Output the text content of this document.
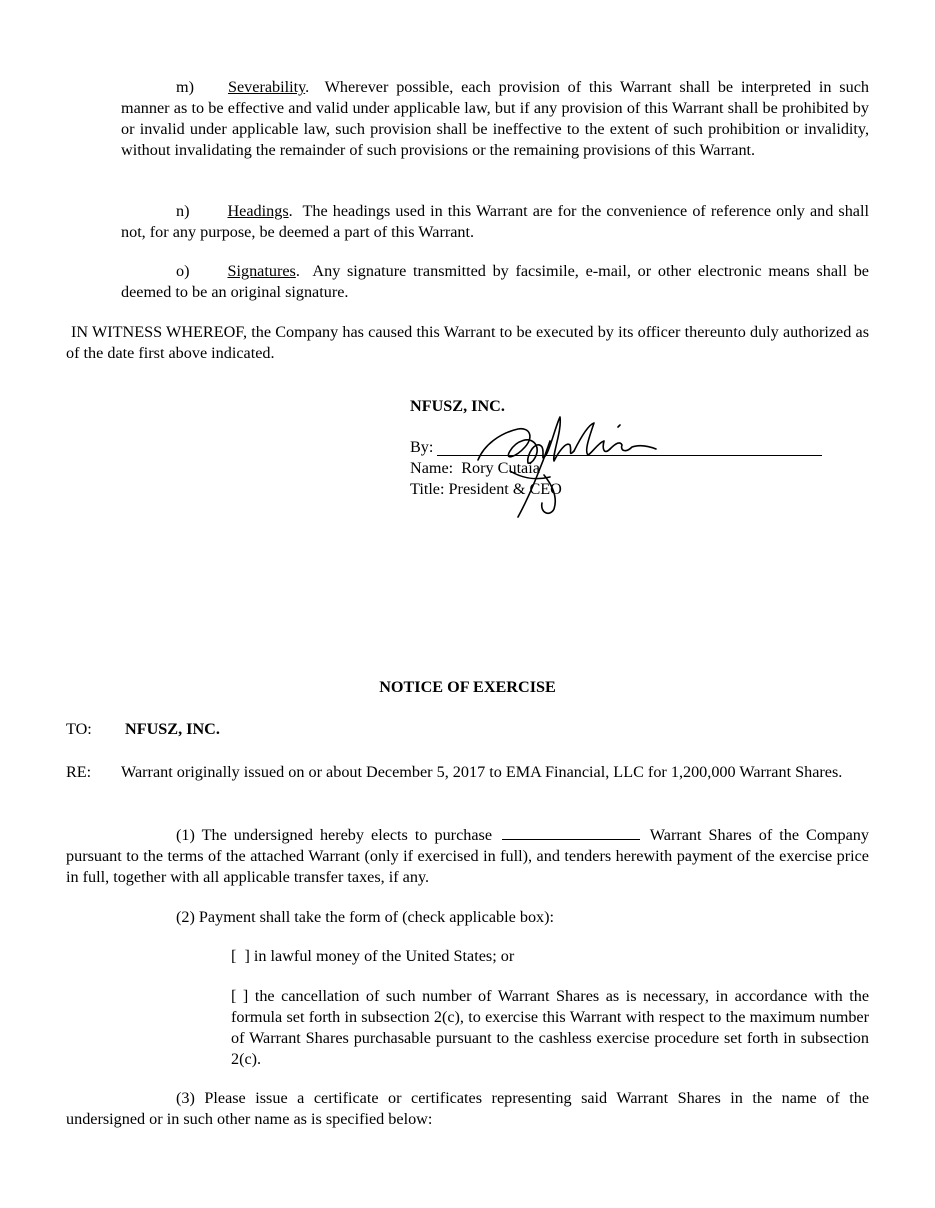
m) Severability.  Wherever possible, each provision of this Warrant shall be interpreted in such manner as to be effective and valid under applicable law, but if any provision of this Warrant shall be prohibited by or invalid under applicable law, such provision shall be ineffective to the extent of such prohibition or invalidity, without invalidating the remainder of such provisions or the remaining provisions of this Warrant.
n) Headings.  The headings used in this Warrant are for the convenience of reference only and shall not, for any purpose, be deemed a part of this Warrant.
o) Signatures.  Any signature transmitted by facsimile, e-mail, or other electronic means shall be deemed to be an original signature.
IN WITNESS WHEREOF, the Company has caused this Warrant to be executed by its officer thereunto duly authorized as of the date first above indicated.
NFUSZ, INC.
By:
Name: Rory Cutaia
Title: President & CEO
NOTICE OF EXERCISE
TO: NFUSZ, INC.
RE: Warrant originally issued on or about December 5, 2017 to EMA Financial, LLC for 1,200,000 Warrant Shares.
(1) The undersigned hereby elects to purchase	Warrant Shares of the Company pursuant to the terms of the attached Warrant (only if exercised in full), and tenders herewith payment of the exercise price in full, together with all applicable transfer taxes, if any.
(2) Payment shall take the form of (check applicable box):
[  ] in lawful money of the United States; or
[ ] the cancellation of such number of Warrant Shares as is necessary, in accordance with the formula set forth in subsection 2(c), to exercise this Warrant with respect to the maximum number of Warrant Shares purchasable pursuant to the cashless exercise procedure set forth in subsection 2(c).
(3) Please issue a certificate or certificates representing said Warrant Shares in the name of the undersigned or in such other name as is specified below:
